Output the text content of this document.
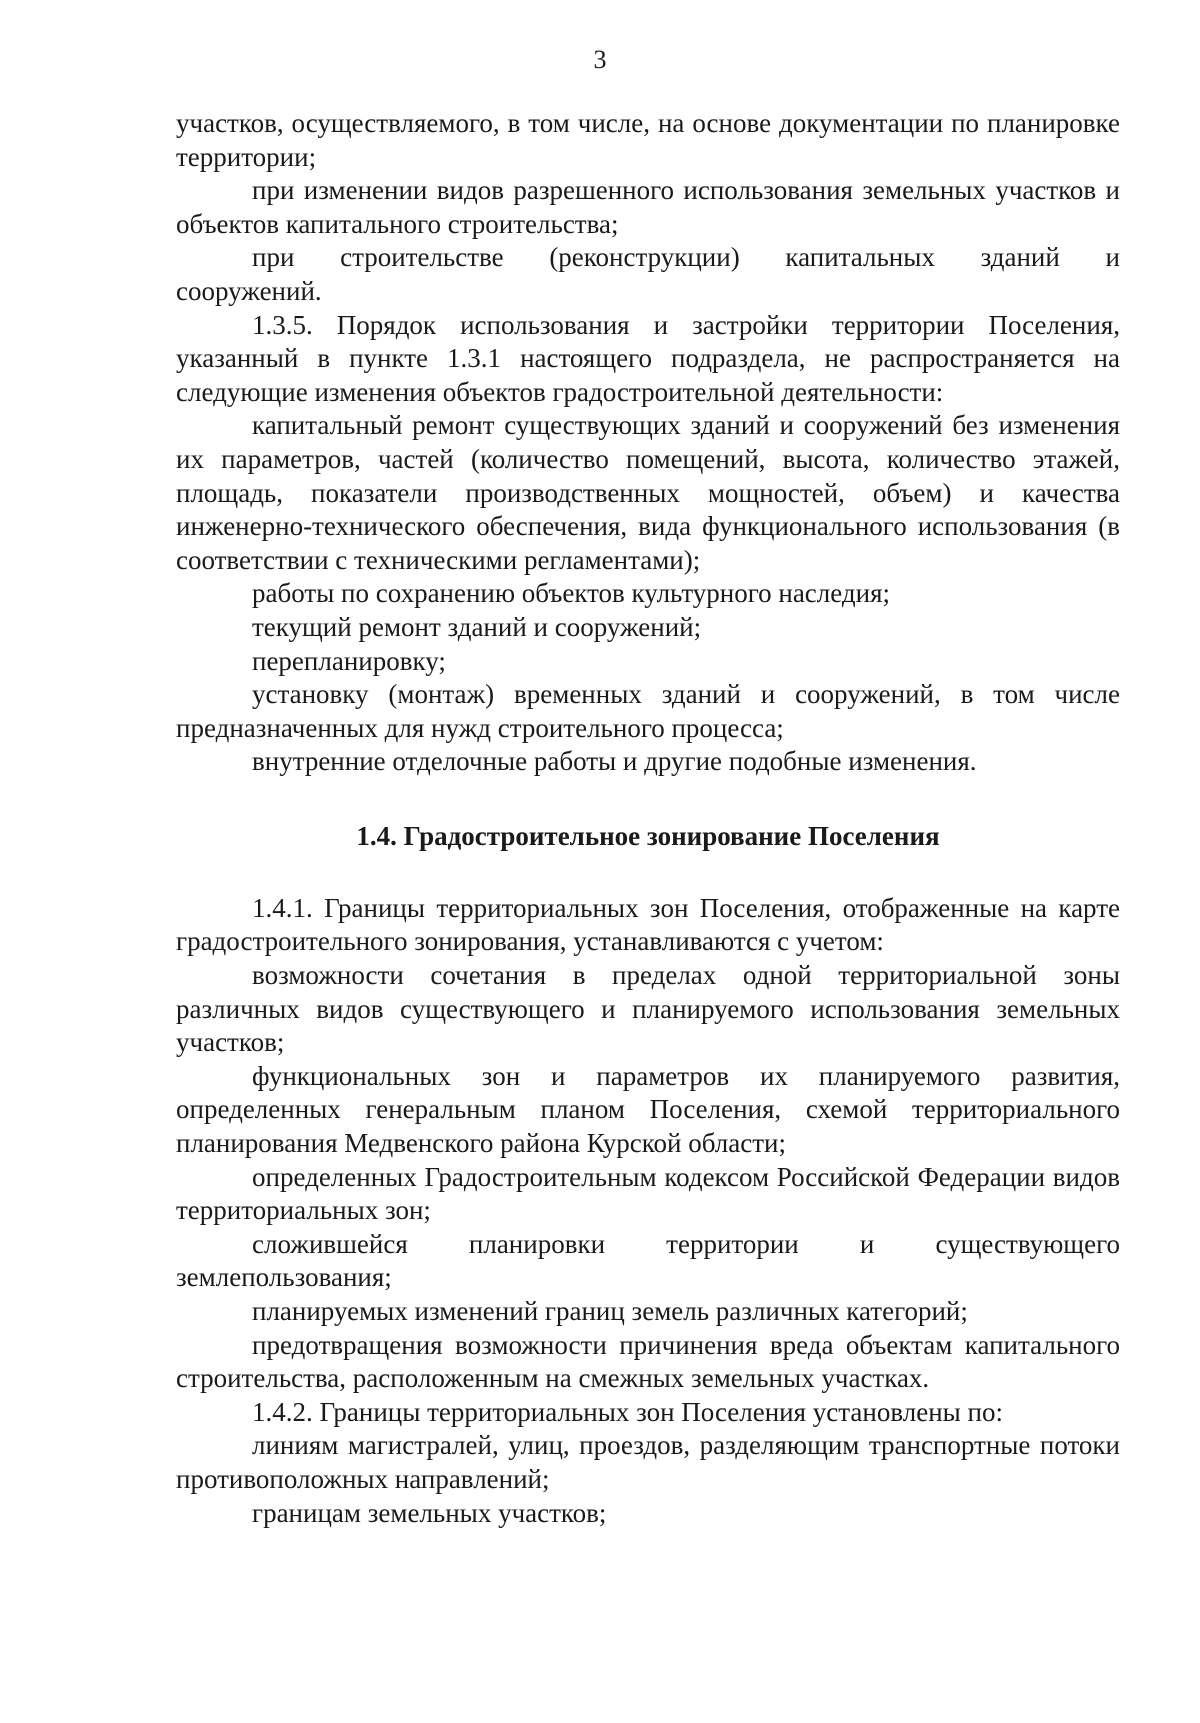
3

участков, осуществляемого, в том числе, на основе документации по планировке территории;

при изменении видов разрешенного использования земельных участков и объектов капитального строительства;

при строительстве (реконструкции) капитальных зданий и

сооружений.

1.3.5. Порядок использования и застройки территории Поселения, указанный в пункте 1.3.1 настоящего подраздела, не распространяется на следующие изменения объектов градостроительной деятельности:

капитальный ремонт существующих зданий и сооружений без изменения их параметров, частей (количество помещений, высота, количество этажей, площадь, показатели производственных мощностей, объем) и качества инженерно-технического обеспечения, вида функционального использования (в соответствии с техническими регламентами);

работы по сохранению объектов культурного наследия;

текущий ремонт зданий и сооружений;

перепланировку;

установку (монтаж) временных зданий и сооружений, в том числе предназначенных для нужд строительного процесса;

внутренние отделочные работы и другие подобные изменения.

1.4. Градостроительное зонирование Поселения

1.4.1. Границы территориальных зон Поселения, отображенные на карте градостроительного зонирования, устанавливаются с учетом:

возможности сочетания в пределах одной территориальной зоны различных видов существующего и планируемого использования земельных участков;

функциональных зон и параметров их планируемого развития, определенных генеральным планом Поселения, схемой территориального планирования Медвенского района Курской области;

определенных Градостроительным кодексом Российской Федерации видов территориальных зон;

сложившейся планировки территории и существующего землепользования;

планируемых изменений границ земель различных категорий;

предотвращения возможности причинения вреда объектам капитального строительства, расположенным на смежных земельных участках.

1.4.2. Границы территориальных зон Поселения установлены по:

линиям магистралей, улиц, проездов, разделяющим транспортные потоки противоположных направлений;

границам земельных участков;
